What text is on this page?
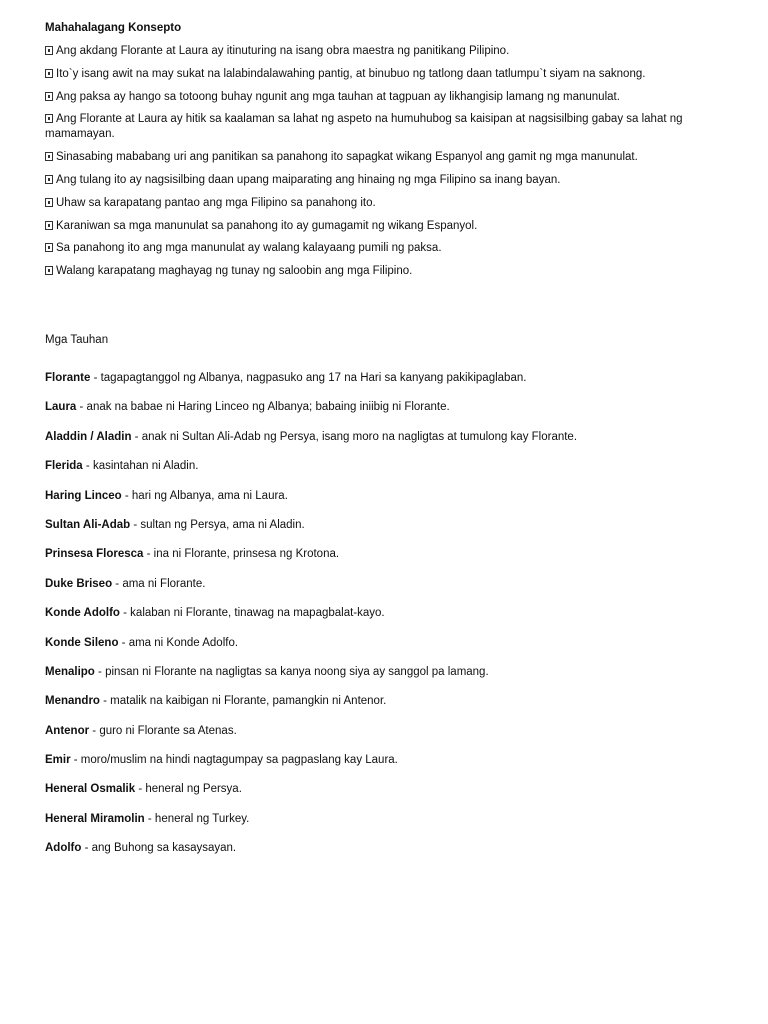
Mahahalagang Konsepto
Ang akdang Florante at Laura ay itinuturing na isang obra maestra ng panitikang Pilipino.
Ito`y isang awit na may sukat na lalabindalawahing pantig, at binubuo ng tatlong daan tatlumpu`t siyam na saknong.
Ang paksa ay hango sa totoong buhay ngunit ang mga tauhan at tagpuan ay likhangisip lamang ng manunulat.
Ang Florante at Laura ay hitik sa kaalaman sa lahat ng aspeto na humuhubog sa kaisipan at nagsisilbing gabay sa lahat ng mamamayan.
Sinasabing mababang uri ang panitikan sa panahong ito sapagkat wikang Espanyol ang gamit ng mga manunulat.
Ang tulang ito ay nagsisilbing daan upang maiparating ang hinaing ng mga Filipino sa inang bayan.
Uhaw sa karapatang pantao ang mga Filipino sa panahong ito.
Karaniwan sa mga manunulat sa panahong ito ay gumagamit ng wikang Espanyol.
Sa panahong ito ang mga manunulat ay walang kalayaang pumili ng paksa.
Walang karapatang maghayag ng tunay ng saloobin ang mga Filipino.
Mga Tauhan
Florante - tagapagtanggol ng Albanya, nagpasuko ang 17 na Hari sa kanyang pakikipaglaban.
Laura - anak na babae ni Haring Linceo ng Albanya; babaing iniibig ni Florante.
Aladdin / Aladin - anak ni Sultan Ali-Adab ng Persya, isang moro na nagligtas at tumulong kay Florante.
Flerida - kasintahan ni Aladin.
Haring Linceo - hari ng Albanya, ama ni Laura.
Sultan Ali-Adab - sultan ng Persya, ama ni Aladin.
Prinsesa Floresca - ina ni Florante, prinsesa ng Krotona.
Duke Briseo - ama ni Florante.
Konde Adolfo - kalaban ni Florante, tinawag na mapagbalat-kayo.
Konde Sileno - ama ni Konde Adolfo.
Menalipo - pinsan ni Florante na nagligtas sa kanya noong siya ay sanggol pa lamang.
Menandro - matalik na kaibigan ni Florante, pamangkin ni Antenor.
Antenor - guro ni Florante sa Atenas.
Emir - moro/muslim na hindi nagtagumpay sa pagpaslang kay Laura.
Heneral Osmalik - heneral ng Persya.
Heneral Miramolin - heneral ng Turkey.
Adolfo - ang Buhong sa kasaysayan.
